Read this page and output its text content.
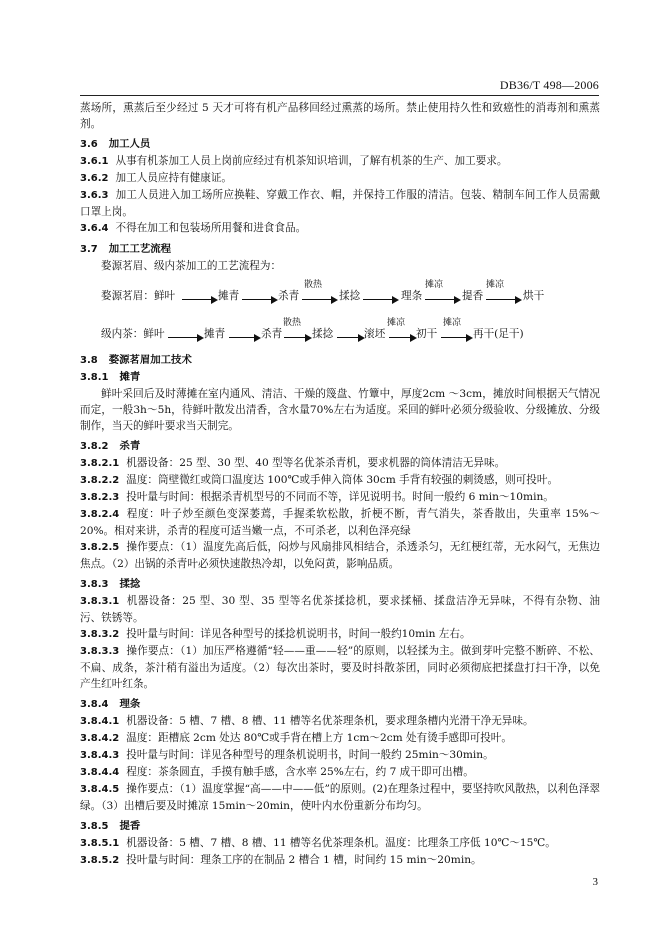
DB36/T 498—2006

蒸场所，熏蒸后至少经过 5 天才可将有机产品移回经过熏蒸的场所。禁止使用持久性和致癌性的消毒剂和熏蒸剂。

3.6 加工人员

3.6.1 从事有机茶加工人员上岗前应经过有机茶知识培训，了解有机茶的生产、加工要求。

3.6.2 加工人员应持有健康证。

3.6.3 加工人员进入加工场所应换鞋、穿戴工作衣、帽，并保持工作服的清洁。包装、精制车间工作人员需戴口罩上岗。

3.6.4 不得在加工和包装场所用餐和进食食品。

3.7 加工工艺流程

婺源茗眉、级内茶加工的工艺流程为：

婺源茗眉：鲜叶	摊青	杀青
散热
揉捻	理条
摊凉
提香
摊凉
烘干
级内茶：鲜叶	摊青	杀青
散热
揉捻	滚坯
摊凉
初干
摊凉
再干(足干)

3.8 婺源茗眉加工技术

3.8.1 摊青

鲜叶采回后及时薄摊在室内通风、清洁、干燥的篾盘、竹簟中，厚度2cm ～3cm，摊放时间根据天气情况而定，一般3h～5h，待鲜叶散发出清香，含水量70%左右为适度。采回的鲜叶必须分级验收、分级摊放、分级制作，当天的鲜叶要求当天制完。

3.8.2 杀青

3.8.2.1 机器设备：25 型、30 型、40 型等名优茶杀青机，要求机器的筒体清洁无异味。

3.8.2.2 温度：筒壁微红或筒口温度达 100℃或手伸入筒体 30cm 手背有较强的刺烫感，则可投叶。

3.8.2.3 投叶量与时间：根据杀青机型号的不同而不等，详见说明书。时间一般约 6 min～10min。

3.8.2.4 程度：叶子炒至颜色变深萎蔫，手握柔软松散，折梗不断，青气消失，茶香散出，失重率 15%～20%。相对来讲，杀青的程度可适当嫩一点，不可杀老，以利色泽亮绿

3.8.2.5 操作要点：（1）温度先高后低，闷炒与风扇排风相结合，杀透杀匀，无红梗红蒂，无水闷气，无焦边焦点。（2）出锅的杀青叶必须快速散热冷却，以免闷黄，影响品质。

3.8.3 揉捻

3.8.3.1 机器设备：25 型、30 型、35 型等名优茶揉捻机，要求揉桶、揉盘洁净无异味，不得有杂物、油污、铁锈等。

3.8.3.2 投叶量与时间：详见各种型号的揉捻机说明书，时间一般约10min 左右。

3.8.3.3 操作要点：（1）加压严格遵循“轻——重——轻”的原则，以轻揉为主。做到芽叶完整不断碎、不松、不扁、成条，茶汁稍有溢出为适度。（2）每次出茶时，要及时抖散茶团，同时必须彻底把揉盘打扫干净，以免产生红叶红条。

3.8.4 理条

3.8.4.1 机器设备：5 槽、7 槽、8 槽、11 槽等名优茶理条机，要求理条槽内光滑干净无异味。

3.8.4.2 温度：距槽底 2cm 处达 80℃或手背在槽上方 1cm～2cm 处有烫手感即可投叶。

3.8.4.3 投叶量与时间：详见各种型号的理条机说明书，时间一般约 25min～30min。

3.8.4.4 程度：茶条圆直，手摸有触手感，含水率 25%左右，约 7 成干即可出槽。

3.8.4.5 操作要点：（1）温度掌握“高——中——低”的原则。(2)在理条过程中，要坚持吹风散热，以利色泽翠绿。（3）出槽后要及时摊凉 15min～20min，使叶内水份重新分布均匀。

3.8.5 提香

3.8.5.1 机器设备：5 槽、7 槽、8 槽、11 槽等名优茶理条机。温度：比理条工序低 10℃～15℃。

3.8.5.2 投叶量与时间：理条工序的在制品 2 槽合 1 槽，时间约 15 min～20min。

3
